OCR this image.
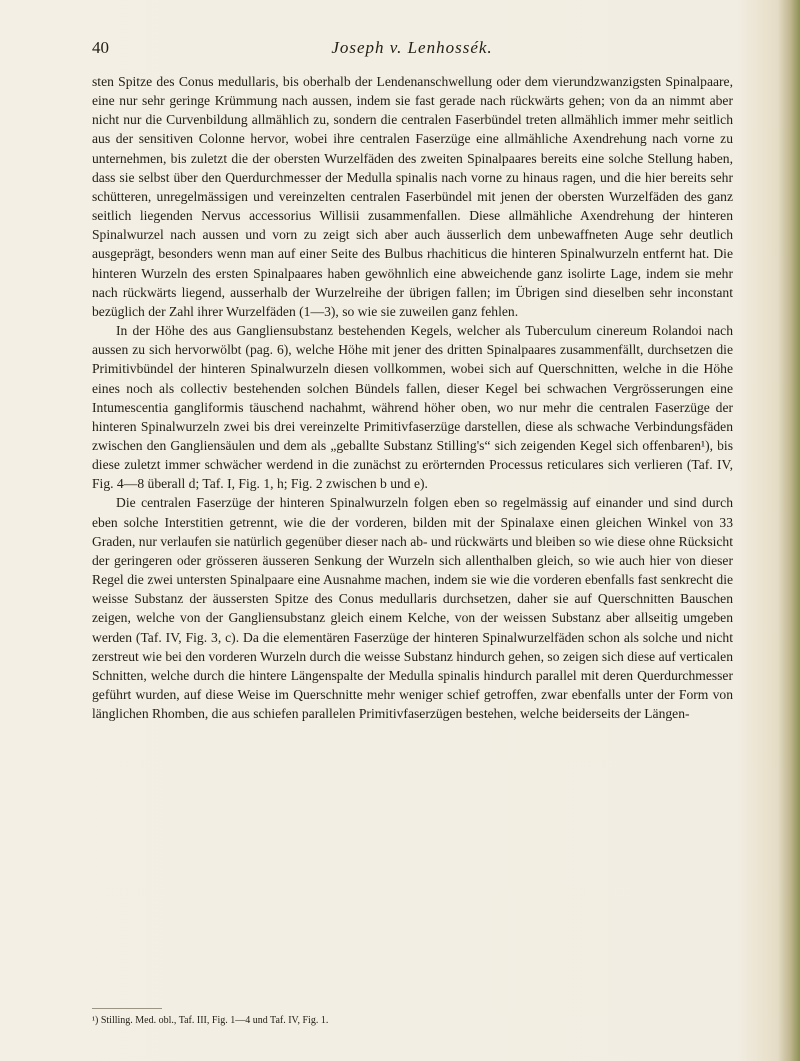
40	Joseph v. Lenhossék.

sten Spitze des Conus medullaris, bis oberhalb der Lendenanschwellung oder dem vierundzwanzigsten Spinalpaare, eine nur sehr geringe Krümmung nach aussen, indem sie fast gerade nach rückwärts gehen; von da an nimmt aber nicht nur die Curvenbildung allmählich zu, sondern die centralen Faserbündel treten allmählich immer mehr seitlich aus der sensitiven Colonne hervor, wobei ihre centralen Faserzüge eine allmähliche Axendrehung nach vorne zu unternehmen, bis zuletzt die der obersten Wurzelfäden des zweiten Spinalpaares bereits eine solche Stellung haben, dass sie selbst über den Querdurchmesser der Medulla spinalis nach vorne zu hinaus ragen, und die hier bereits sehr schütteren, unregelmässigen und vereinzelten centralen Faserbündel mit jenen der obersten Wurzelfäden des ganz seitlich liegenden Nervus accessorius Willisii zusammenfallen. Diese allmähliche Axendrehung der hinteren Spinalwurzel nach aussen und vorn zu zeigt sich aber auch äusserlich dem unbewaffneten Auge sehr deutlich ausgeprägt, besonders wenn man auf einer Seite des Bulbus rhachiticus die hinteren Spinalwurzeln entfernt hat. Die hinteren Wurzeln des ersten Spinalpaares haben gewöhnlich eine abweichende ganz isolirte Lage, indem sie mehr nach rückwärts liegend, ausserhalb der Wurzelreihe der übrigen fallen; im Übrigen sind dieselben sehr inconstant bezüglich der Zahl ihrer Wurzelfäden (1—3), so wie sie zuweilen ganz fehlen.

In der Höhe des aus Gangliensubstanz bestehenden Kegels, welcher als Tuberculum cinereum Rolandoi nach aussen zu sich hervorwölbt (pag. 6), welche Höhe mit jener des dritten Spinalpaares zusammenfällt, durchsetzen die Primitivbündel der hinteren Spinalwurzeln diesen vollkommen, wobei sich auf Querschnitten, welche in die Höhe eines noch als collectiv bestehenden solchen Bündels fallen, dieser Kegel bei schwachen Vergrösserungen eine Intumescentia gangliformis täuschend nachahmt, während höher oben, wo nur mehr die centralen Faserzüge der hinteren Spinalwurzeln zwei bis drei vereinzelte Primitivfaserzüge darstellen, diese als schwache Verbindungsfäden zwischen den Gangliensäulen und dem als „geballte Substanz Stilling's“ sich zeigenden Kegel sich offenbaren¹), bis diese zuletzt immer schwächer werdend in die zunächst zu erörternden Processus reticulares sich verlieren (Taf. IV, Fig. 4—8 überall d; Taf. I, Fig. 1, h; Fig. 2 zwischen b und e).

Die centralen Faserzüge der hinteren Spinalwurzeln folgen eben so regelmässig auf einander und sind durch eben solche Interstitien getrennt, wie die der vorderen, bilden mit der Spinalaxe einen gleichen Winkel von 33 Graden, nur verlaufen sie natürlich gegenüber dieser nach ab- und rückwärts und bleiben so wie diese ohne Rücksicht der geringeren oder grösseren äusseren Senkung der Wurzeln sich allenthalben gleich, so wie auch hier von dieser Regel die zwei untersten Spinalpaare eine Ausnahme machen, indem sie wie die vorderen ebenfalls fast senkrecht die weisse Substanz der äussersten Spitze des Conus medullaris durchsetzen, daher sie auf Querschnitten Bauschen zeigen, welche von der Gangliensubstanz gleich einem Kelche, von der weissen Substanz aber allseitig umgeben werden (Taf. IV, Fig. 3, c). Da die elementären Faserzüge der hinteren Spinalwurzelfäden schon als solche und nicht zerstreut wie bei den vorderen Wurzeln durch die weisse Substanz hindurch gehen, so zeigen sich diese auf verticalen Schnitten, welche durch die hintere Längenspalte der Medulla spinalis hindurch parallel mit deren Querdurchmesser geführt wurden, auf diese Weise im Querschnitte mehr weniger schief getroffen, zwar ebenfalls unter der Form von länglichen Rhomben, die aus schiefen parallelen Primitivfaserzügen bestehen, welche beiderseits der Längen-

¹) Stilling. Med. obl., Taf. III, Fig. 1—4 und Taf. IV, Fig. 1.
